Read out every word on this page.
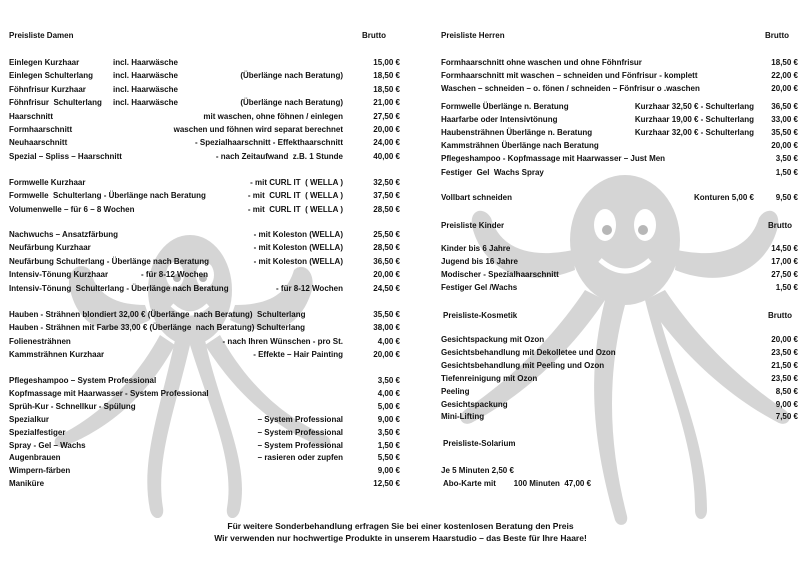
Preisliste Damen	Brutto
Einlegen Kurzhaar	incl. Haarwäsche	15,00 €
Einlegen Schulterlang incl. Haarwäsche	(Überlänge nach Beratung)	18,50 €
Föhnfrisur Kurzhaar	incl. Haarwäsche	18,50 €
Föhnfrisur  Schulterlang incl. Haarwäsche	(Überlänge nach Beratung)	21,00 €
Haarschnitt	mit waschen, ohne föhnen / einlegen	27,50 €
Formhaarschnitt	waschen und föhnen wird separat berechnet	20,00 €
Neuhaarschnitt	- Spezialhaarschnitt - Effekthaarschnitt	24,00 €
Spezial – Spliss – Haarschnitt	- nach Zeitaufwand  z.B. 1 Stunde	40,00 €
Formwelle Kurzhaar	- mit CURL IT  ( WELLA )	32,50 €
Formwelle  Schulterlang - Überlänge nach Beratung	- mit  CURL IT  ( WELLA )	37,50 €
Volumenwelle – für 6 – 8 Wochen	- mit  CURL IT  ( WELLA )	28,50 €
Nachwuchs – Ansatzfärbung	- mit Koleston (WELLA)	25,50 €
Neufärbung Kurzhaar	- mit Koleston (WELLA)	28,50 €
Neufärbung Schulterlang - Überlänge nach Beratung	- mit Koleston (WELLA)	36,50 €
Intensiv-Tönung Kurzhaar	- für 8-12 Wochen	20,00 €
Intensiv-Tönung  Schulterlang - Überlänge nach Beratung	- für 8-12 Wochen	24,50 €
Hauben - Strähnen blondiert 32,00 € (Überlänge  nach Beratung)  Schulterlang	35,50 €
Hauben - Strähnen mit Farbe 33,00 € (Überlänge  nach Beratung) Schulterlang	38,00 €
Folienesträhnen	- nach Ihren Wünschen - pro St.	4,00 €
Kammsträhnen Kurzhaar	- Effekte – Hair Painting	20,00 €
Pflegeshampoo – System Professional	3,50 €
Kopfmassage mit Haarwasser - System Professional	4,00 €
Sprüh-Kur - Schnellkur - Spülung	5,00 €
Spezialkur	– System Professional	9,00 €
Spezialfestiger	– System Professional	3,50 €
Spray - Gel – Wachs	– System Professional	1,50 €
Augenbrauen	– rasieren oder zupfen	5,50 €
Wimpern-färben	9,00 €
Maniküre	12,50 €
Preisliste Herren	Brutto
Formhaarschnitt ohne waschen und ohne Föhnfrisur	18,50 €
Formhaarschnitt mit waschen – schneiden und Fönfrisur - komplett	22,00 €
Waschen – schneiden – o. fönen / schneiden – Fönfrisur o .waschen	20,00 €
Formwelle Überlänge n. Beratung	Kurzhaar 32,50 € - Schulterlang	36,50 €
Haarfarbe oder Intensivtönung	Kurzhaar 19,00 € - Schulterlang	33,00 €
Haubensträhnen Überlänge n. Beratung	Kurzhaar 32,00 € - Schulterlang	35,50 €
Kammsträhnen Überlänge nach Beratung	20,00 €
Pflegeshampoo - Kopfmassage mit Haarwasser – Just Men	3,50 €
Festiger  Gel  Wachs Spray	1,50 €
Vollbart schneiden	Konturen 5,00 €	9,50 €
Preisliste Kinder	Brutto
Kinder bis 6 Jahre	14,50 €
Jugend bis 16 Jahre	17,00 €
Modischer - Spezialhaarschnitt	27,50 €
Festiger Gel /Wachs	1,50 €
Preisliste-Kosmetik	Brutto
Gesichtspackung mit Ozon	20,00 €
Gesichtsbehandlung mit Dekolletee und Ozon	23,50 €
Gesichtsbehandlung mit Peeling und Ozon	21,50 €
Tiefenreinigung mit Ozon	23,50 €
Peeling	8,50 €
Gesichtspackung	9,00 €
Mini-Lifting	7,50 €
Preisliste-Solarium
Je 5 Minuten 2,50 €
Abo-Karte mit        100 Minuten  47,00 €
Für weitere Sonderbehandlung erfragen Sie bei einer kostenlosen Beratung den Preis
Wir verwenden nur hochwertige Produkte in unserem Haarstudio – das Beste für Ihre Haare!
